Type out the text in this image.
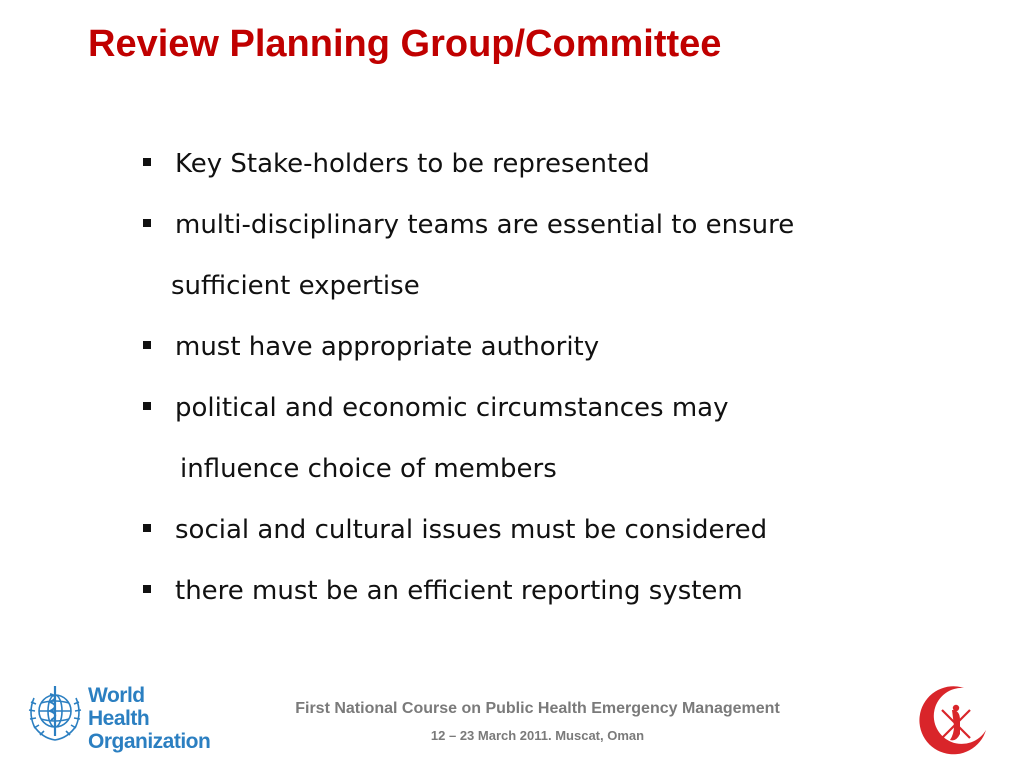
Review Planning Group/Committee
Key Stake-holders to be represented
multi-disciplinary teams are essential to ensure
sufficient expertise
must have appropriate authority
political and economic circumstances may
influence choice of members
social and cultural issues must be considered
there must be an efficient reporting system
World Health
Organization
First National Course on Public Health Emergency Management
12 – 23 March 2011. Muscat, Oman
